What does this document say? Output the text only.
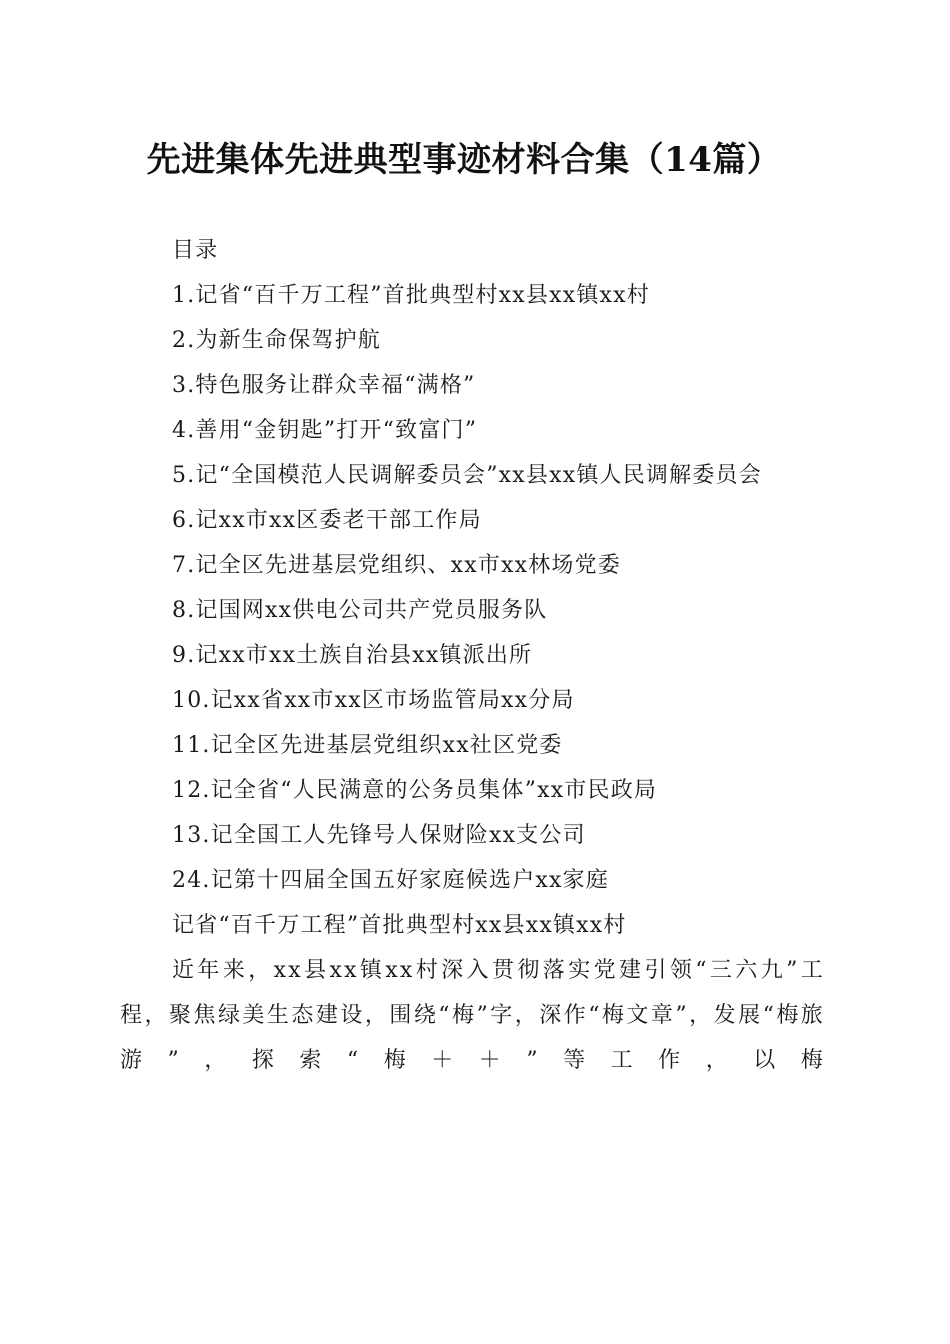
先进集体先进典型事迹材料合集（14篇）
目录
1.记省“百千万工程”首批典型村xx县xx镇xx村
2.为新生命保驾护航
3.特色服务让群众幸福“满格”
4.善用“金钥匙”打开“致富门”
5.记“全国模范人民调解委员会”xx县xx镇人民调解委员会
6.记xx市xx区委老干部工作局
7.记全区先进基层党组织、xx市xx林场党委
8.记国网xx供电公司共产党员服务队
9.记xx市xx土族自治县xx镇派出所
10.记xx省xx市xx区市场监管局xx分局
11.记全区先进基层党组织xx社区党委
12.记全省“人民满意的公务员集体”xx市民政局
13.记全国工人先锋号人保财险xx支公司
24.记第十四届全国五好家庭候选户xx家庭
记省“百千万工程”首批典型村xx县xx镇xx村
近年来，xx县xx镇xx村深入贯彻落实党建引领“三六九”工程，聚焦绿美生态建设，围绕“梅”字，深作“梅文章”，发展“梅旅游”，探索“梅＋＋”等工作，以梅
